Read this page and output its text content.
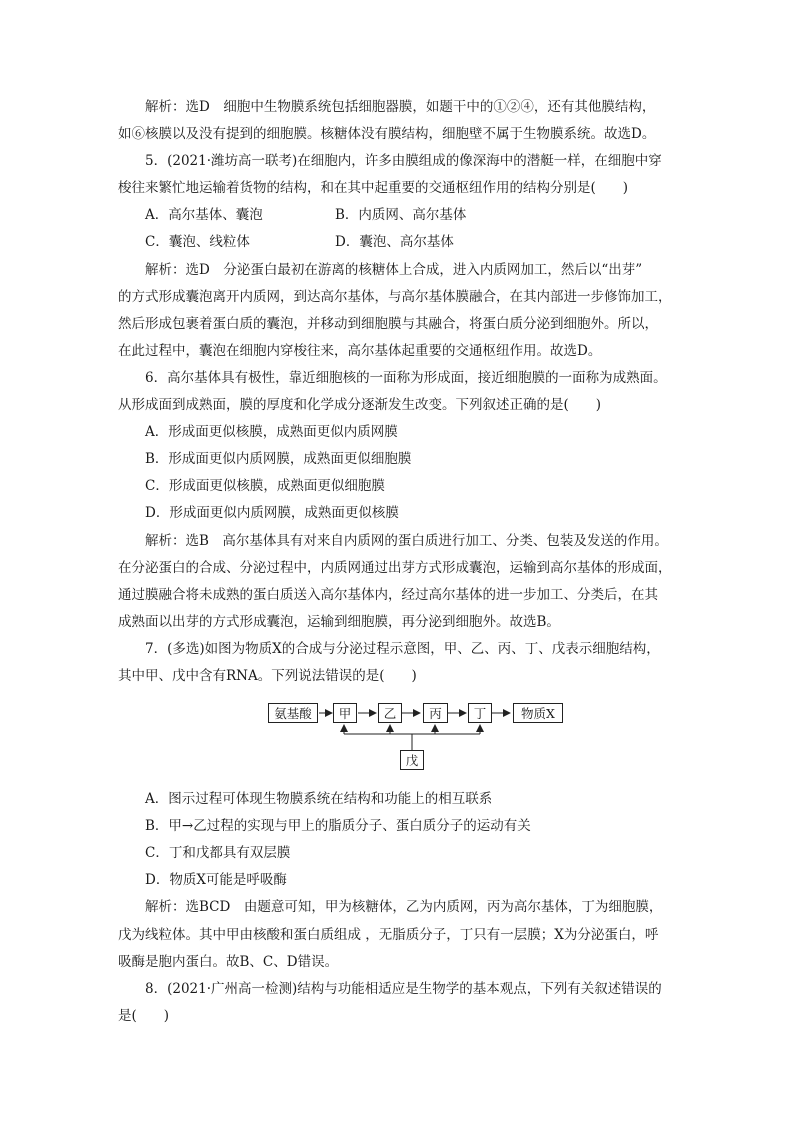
解析：选D　细胞中生物膜系统包括细胞器膜，如题干中的①②④，还有其他膜结构，

如⑥核膜以及没有提到的细胞膜。核糖体没有膜结构，细胞壁不属于生物膜系统。故选D。

5．(2021·潍坊高一联考)在细胞内，许多由膜组成的像深海中的潜艇一样，在细胞中穿

梭往来繁忙地运输着货物的结构，和在其中起重要的交通枢纽作用的结构分别是(　　)

A．高尔基体、囊泡	B．内质网、高尔基体
C．囊泡、线粒体	D．囊泡、高尔基体

解析：选D　分泌蛋白最初在游离的核糖体上合成，进入内质网加工，然后以“出芽”

的方式形成囊泡离开内质网，到达高尔基体，与高尔基体膜融合，在其内部进一步修饰加工，

然后形成包裹着蛋白质的囊泡，并移动到细胞膜与其融合，将蛋白质分泌到细胞外。所以，

在此过程中，囊泡在细胞内穿梭往来，高尔基体起重要的交通枢纽作用。故选D。

6．高尔基体具有极性，靠近细胞核的一面称为形成面，接近细胞膜的一面称为成熟面。

从形成面到成熟面，膜的厚度和化学成分逐渐发生改变。下列叙述正确的是(　　)

A．形成面更似核膜，成熟面更似内质网膜

B．形成面更似内质网膜，成熟面更似细胞膜

C．形成面更似核膜，成熟面更似细胞膜

D．形成面更似内质网膜，成熟面更似核膜

解析：选B　高尔基体具有对来自内质网的蛋白质进行加工、分类、包装及发送的作用。

在分泌蛋白的合成、分泌过程中，内质网通过出芽方式形成囊泡，运输到高尔基体的形成面，

通过膜融合将未成熟的蛋白质送入高尔基体内，经过高尔基体的进一步加工、分类后，在其

成熟面以出芽的方式形成囊泡，运输到细胞膜，再分泌到细胞外。故选B。

7．(多选)如图为物质X的合成与分泌过程示意图，甲、乙、丙、丁、戊表示细胞结构，

其中甲、戊中含有RNA。下列说法错误的是(　　)

氨基酸	甲	乙	丙	丁	物质X
戊

A．图示过程可体现生物膜系统在结构和功能上的相互联系

B．甲→乙过程的实现与甲上的脂质分子、蛋白质分子的运动有关

C．丁和戊都具有双层膜

D．物质X可能是呼吸酶

解析：选BCD　由题意可知，甲为核糖体，乙为内质网，丙为高尔基体，丁为细胞膜，

戊为线粒体。其中甲由核酸和蛋白质组成 ，无脂质分子，丁只有一层膜；X为分泌蛋白，呼

吸酶是胞内蛋白。故B、C、D错误。

8．(2021·广州高一检测)结构与功能相适应是生物学的基本观点，下列有关叙述错误的

是(　　)
